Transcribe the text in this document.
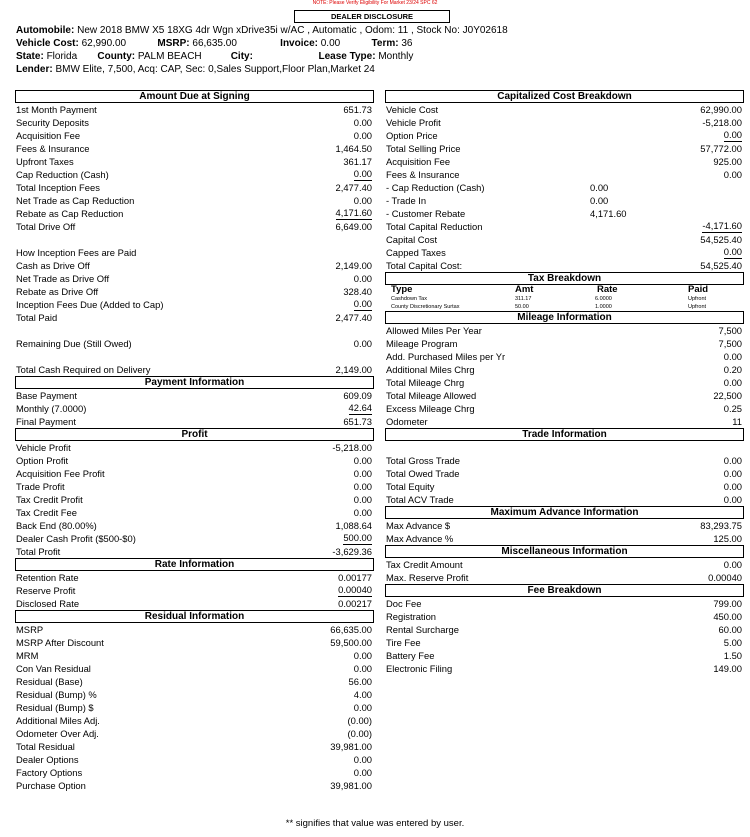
NOTE: Please Verify Eligibility For Market 23/24 SPC 62
DEALER DISCLOSURE
Automobile: New 2018 BMW X5 18XG 4dr Wgn xDrive35i w/AC , Automatic , Odom: 11 , Stock No: J0Y02618
Vehicle Cost: 62,990.00	MSRP: 66,635.00	Invoice: 0.00	Term: 36
State: Florida County: PALM BEACH	City:	Lease Type: Monthly
Lender: BMW Elite, 7,500, Acq: CAP, Sec: 0,Sales Support,Floor Plan,Market 24
Amount Due at Signing
1st Month Payment	651.73
Security Deposits	0.00
Acquisition Fee	0.00
Fees & Insurance	1,464.50
Upfront Taxes	361.17
Cap Reduction (Cash)	0.00
Total Inception Fees	2,477.40
Net Trade as Cap Reduction	0.00
Rebate as Cap Reduction	4,171.60
Total Drive Off	6,649.00
How Inception Fees are Paid
Cash as Drive Off	2,149.00
Net Trade as Drive Off	0.00
Rebate as Drive Off	328.40
Inception Fees Due (Added to Cap)	0.00
Total Paid	2,477.40
Remaining Due (Still Owed)	0.00
Total Cash Required on Delivery	2,149.00
Payment Information
Base Payment	609.09
Monthly (7.0000)	42.64
Final Payment	651.73
Profit
Vehicle Profit	-5,218.00
Option Profit	0.00
Acquisition Fee Profit	0.00
Trade Profit	0.00
Tax Credit Profit	0.00
Tax Credit Fee	0.00
Back End (80.00%)	1,088.64
Dealer Cash Profit ($500-$0)	500.00
Total Profit	-3,629.36
Rate Information
Retention Rate	0.00177
Reserve Profit	0.00040
Disclosed Rate	0.00217
Residual Information
MSRP	66,635.00
MSRP After Discount	59,500.00
MRM	0.00
Con Van Residual	0.00
Residual (Base)	56.00
Residual (Bump) %	4.00
Residual (Bump) $	0.00
Additional Miles Adj.	(0.00)
Odometer Over Adj.	(0.00)
Total Residual	39,981.00
Dealer Options	0.00
Factory Options	0.00
Purchase Option	39,981.00
Capitalized Cost Breakdown
Vehicle Cost	62,990.00
Vehicle Profit	-5,218.00
Option Price	0.00
Total Selling Price	57,772.00
Acquisition Fee	925.00
Fees & Insurance	0.00
- Cap Reduction (Cash)	0.00
- Trade In	0.00
- Customer Rebate	4,171.60
Total Capital Reduction	-4,171.60
Capital Cost	54,525.40
Capped Taxes	0.00
Total Capital Cost:	54,525.40
Tax Breakdown
Type	Amt	Rate	Paid
Cashdown Tax	311.17	6.0000	Upfront
County Discretionary Surtax	50.00	1.0000	Upfront
Mileage Information
Allowed Miles Per Year	7,500
Mileage Program	7,500
Add. Purchased Miles per Yr	0.00
Additional Miles Chrg	0.20
Total Mileage Chrg	0.00
Total Mileage Allowed	22,500
Excess Mileage Chrg	0.25
Odometer	11
Trade Information
Total Gross Trade	0.00
Total Owed Trade	0.00
Total Equity	0.00
Total ACV Trade	0.00
Maximum Advance Information
Max Advance $	83,293.75
Max Advance %	125.00
Miscellaneous Information
Tax Credit Amount	0.00
Max. Reserve Profit	0.00040
Fee Breakdown
Doc Fee	799.00
Registration	450.00
Rental Surcharge	60.00
Tire Fee	5.00
Battery Fee	1.50
Electronic Filing	149.00
** signifies that value was entered by user.
